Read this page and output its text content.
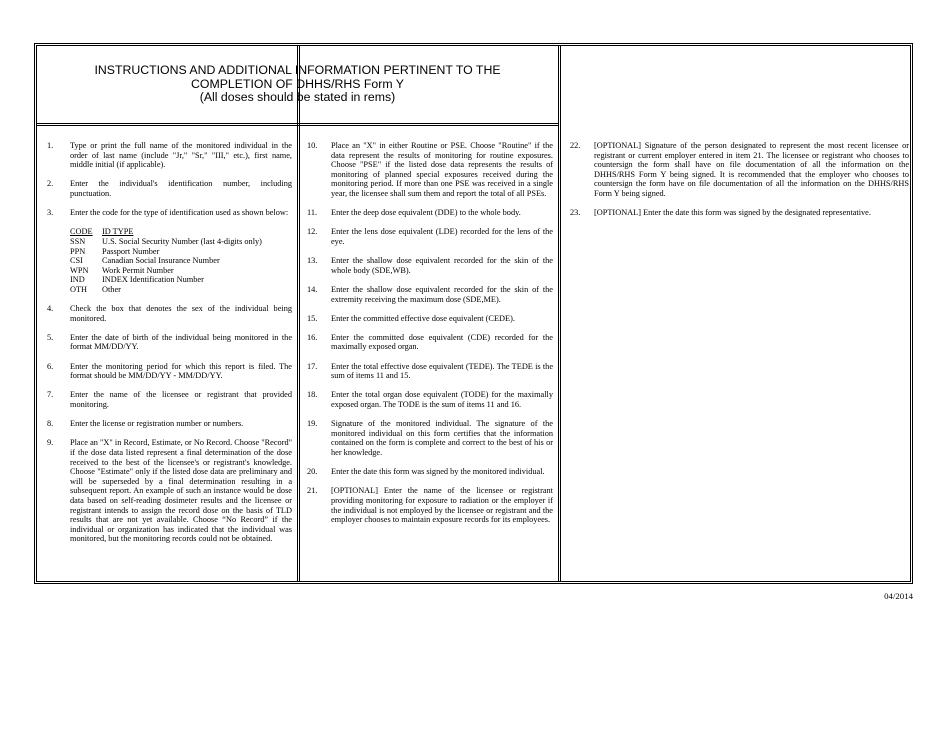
INSTRUCTIONS AND ADDITIONAL INFORMATION PERTINENT TO THE
COMPLETION OF DHHS/RHS Form Y
(All doses should be stated in rems)
1.	Type or print the full name of the monitored individual in the order of last name (include "Jr," "Sr," "III," etc.), first name, middle initial (if applicable).
2.	Enter the individual's identification number, including punctuation.
3.	Enter the code for the type of identification used as shown below:
CODE	ID TYPE
SSN	U.S. Social Security Number (last 4-digits only)
PPN	Passport Number
CSI	Canadian Social Insurance Number
WPN	Work Permit Number
IND	INDEX Identification Number
OTH	Other
4.	Check the box that denotes the sex of the individual being monitored.
5.	Enter the date of birth of the individual being monitored in the format MM/DD/YY.
6.	Enter the monitoring period for which this report is filed. The format should be MM/DD/YY - MM/DD/YY.
7.	Enter the name of the licensee or registrant that provided monitoring.
8.	Enter the license or registration number or numbers.
9.	Place an "X" in Record, Estimate, or No Record. Choose "Record" if the dose data listed represent a final determination of the dose received to the best of the licensee's or registrant's knowledge. Choose "Estimate" only if the listed dose data are preliminary and will be superseded by a final determination resulting in a subsequent report. An example of such an instance would be dose data based on self-reading dosimeter results and the licensee or registrant intends to assign the record dose on the basis of TLD results that are not yet available. Choose “No Record” if the individual or organization has indicated that the individual was monitored, but the monitoring records could not be obtained.
10.	Place an "X" in either Routine or PSE. Choose "Routine" if the data represent the results of monitoring for routine exposures. Choose "PSE" if the listed dose data represents the results of monitoring of planned special exposures received during the monitoring period. If more than one PSE was received in a single year, the licensee shall sum them and report the total of all PSEs.
11.	Enter the deep dose equivalent (DDE) to the whole body.
12.	Enter the lens dose equivalent (LDE) recorded for the lens of the eye.
13.	Enter the shallow dose equivalent recorded for the skin of the whole body (SDE,WB).
14.	Enter the shallow dose equivalent recorded for the skin of the extremity receiving the maximum dose (SDE,ME).
15.	Enter the committed effective dose equivalent (CEDE).
16.	Enter the committed dose equivalent (CDE) recorded for the maximally exposed organ.
17.	Enter the total effective dose equivalent (TEDE). The TEDE is the sum of items 11 and 15.
18.	Enter the total organ dose equivalent (TODE) for the maximally exposed organ. The TODE is the sum of items 11 and 16.
19.	Signature of the monitored individual. The signature of the monitored individual on this form certifies that the information contained on the form is complete and correct to the best of his or her knowledge.
20.	Enter the date this form was signed by the monitored individual.
21.	[OPTIONAL] Enter the name of the licensee or registrant providing monitoring for exposure to radiation or the employer if the individual is not employed by the licensee or registrant and the employer chooses to maintain exposure records for its employees.
22.	[OPTIONAL] Signature of the person designated to represent the most recent licensee or registrant or current employer entered in item 21. The licensee or registrant who chooses to countersign the form shall have on file documentation of all the information on the DHHS/RHS Form Y being signed. It is recommended that the employer who chooses to countersign the form have on file documentation of all the information on the DHHS/RHS Form Y being signed.
23.	[OPTIONAL] Enter the date this form was signed by the designated representative.
04/2014
